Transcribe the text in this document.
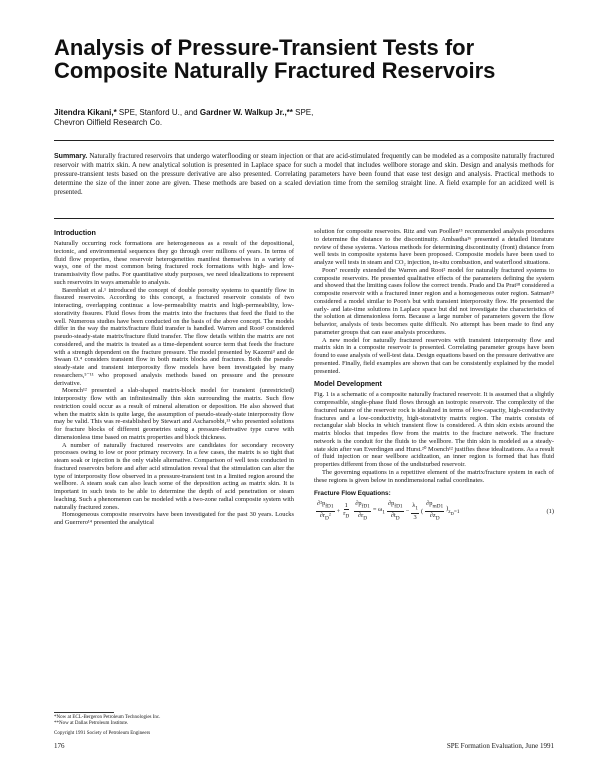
Analysis of Pressure-Transient Tests for Composite Naturally Fractured Reservoirs
Jitendra Kikani,* SPE, Stanford U., and Gardner W. Walkup Jr.,** SPE,
Chevron Oilfield Research Co.
Summary. Naturally fractured reservoirs that undergo waterflooding or steam injection or that are acid-stimulated frequently can be modeled as a composite naturally fractured reservoir with matrix skin. A new analytical solution is presented in Laplace space for such a model that includes wellbore storage and skin. Design and analysis methods for pressure-transient tests based on the pressure derivative are also presented. Correlating parameters have been found that ease test design and analysis. Practical methods to determine the size of the inner zone are given. These methods are based on a scaled deviation time from the semilog straight line. A field example for an acidized well is presented.
Introduction

Naturally occurring rock formations are heterogeneous as a result of the depositional, tectonic, and environmental sequences they go through over millions of years. In terms of fluid flow properties, these reservoir heterogeneities manifest themselves in a variety of ways, one of the most common being fractured rock formations with high- and low-transmissivity flow paths. For quantitative study purposes, we need idealizations to represent such reservoirs in ways amenable to analysis.

Barenblatt et al.¹ introduced the concept of double porosity systems to quantify flow in fissured reservoirs. According to this concept, a fractured reservoir consists of two interacting, overlapping continua: a low-permeability matrix and high-permeability, low-storativity fissures. Fluid flows from the matrix into the fractures that feed the fluid to the well. Numerous studies have been conducted on the basis of the above concept. The models differ in the way the matrix/fracture fluid transfer is handled. Warren and Root² considered pseudo-steady-state matrix/fracture fluid transfer. The flow details within the matrix are not considered, and the matrix is treated as a time-dependent source term that feeds the fracture with a strength dependent on the fracture pressure. The model presented by Kazemi³ and de Swaan O.⁴ considers transient flow in both matrix blocks and fractures. Both the pseudo-steady-state and transient interporosity flow models have been investigated by many researchers,⁵⁻¹¹ who proposed analysis methods based on pressure and the pressure derivative.

Moench¹² presented a slab-shaped matrix-block model for transient (unrestricted) interporosity flow with an infinitesimally thin skin surrounding the matrix. Such flow restriction could occur as a result of mineral alteration or deposition. He also showed that when the matrix skin is quite large, the assumption of pseudo-steady-state interporosity flow may be valid. This was re-established by Stewart and Ascharsobbi,¹³ who presented solutions for fracture blocks of different geometries using a pressure-derivative type curve with dimensionless time based on matrix properties and block thickness.

A number of naturally fractured reservoirs are candidates for secondary recovery processes owing to low or poor primary recovery. In a few cases, the matrix is so tight that steam soak or injection is the only viable alternative. Comparison of well tests conducted in fractured reservoirs before and after acid stimulation reveal that the stimulation can alter the type of interporosity flow observed in a pressure-transient test in a limited region around the wellbore. A steam soak can also leach some of the deposition acting as matrix skin. It is important in such tests to be able to determine the depth of acid penetration or steam leaching. Such a phenomenon can be modeled with a two-zone radial composite system with naturally fractured zones.

Homogeneous composite reservoirs have been investigated for the past 30 years. Loucks and Guerrero¹⁴ presented the analytical

*Now at ECL-Bergeron Petroleum Technologies Inc.
**Now at Dallas Petroleum Institute.
Copyright 1991 Society of Petroleum Engineers

solution for composite reservoirs. Ritz and van Poollen¹⁵ recommended analysis procedures to determine the distance to the discontinuity. Ambastha¹⁶ presented a detailed literature review of these systems. Various methods for determining discontinuity (front) distance from well tests in composite systems have been proposed. Composite models have been used to analyze well tests in steam and CO₂ injection, in-situ combustion, and waterflood situations.

Poon⁷ recently extended the Warren and Root² model for naturally fractured systems to composite reservoirs. He presented qualitative effects of the parameters defining the system and showed that the limiting cases follow the correct trends. Prado and Da Prat¹⁸ considered a composite reservoir with a fractured inner region and a homogeneous outer region. Satman¹⁹ considered a model similar to Poon's but with transient interporosity flow. He presented the early- and late-time solutions in Laplace space but did not investigate the characteristics of the solution at dimensionless form. Because a large number of parameters govern the flow behavior, analysis of tests becomes quite difficult. No attempt has been made to find any parameter groups that can ease analysis procedures.

A new model for naturally fractured reservoirs with transient interporosity flow and matrix skin in a composite reservoir is presented. Correlating parameter groups have been found to ease analysis of well-test data. Design equations based on the pressure derivative are presented. Finally, field examples are shown that can be consistently explained by the model presented.

Model Development

Fig. 1 is a schematic of a composite naturally fractured reservoir. It is assumed that a slightly compressible, single-phase fluid flows through an isotropic reservoir. The complexity of the fractured nature of the reservoir rock is idealized in terms of low-capacity, high-conductivity fractures and a low-conductivity, high-storativity matrix region. The matrix consists of rectangular slab blocks in which transient flow is considered. A thin skin exists around the matrix blocks that impedes flow from the matrix to the fracture network. The fracture network is the conduit for the fluids to the wellbore. The thin skin is modeled as a steady-state skin after van Everdingen and Hurst.²⁰ Moench¹² justifies these idealizations. As a result of fluid injection or near wellbore acidization, an inner region is formed that has fluid properties different from those of the undisturbed reservoir.

The governing equations in a repetitive element of the matrix/fracture system in each of these regions is given below in nondimensional radial coordinates.

Fracture Flow Equations:
$\frac{\partial^2p_{fD1}}{\partial r_D^2} + \frac{1}{r_D} \frac{\partial p_{fD1}}{\partial r_D} = \omega_1 \frac{\partial p_{fD1}}{\partial t_D} - \frac{\lambda_1}{3}$ ( $\frac{\partial p_{mD1}}{\partial z_D} )_{z_D=1}$	(1)
176	SPE Formation Evaluation, June 1991
